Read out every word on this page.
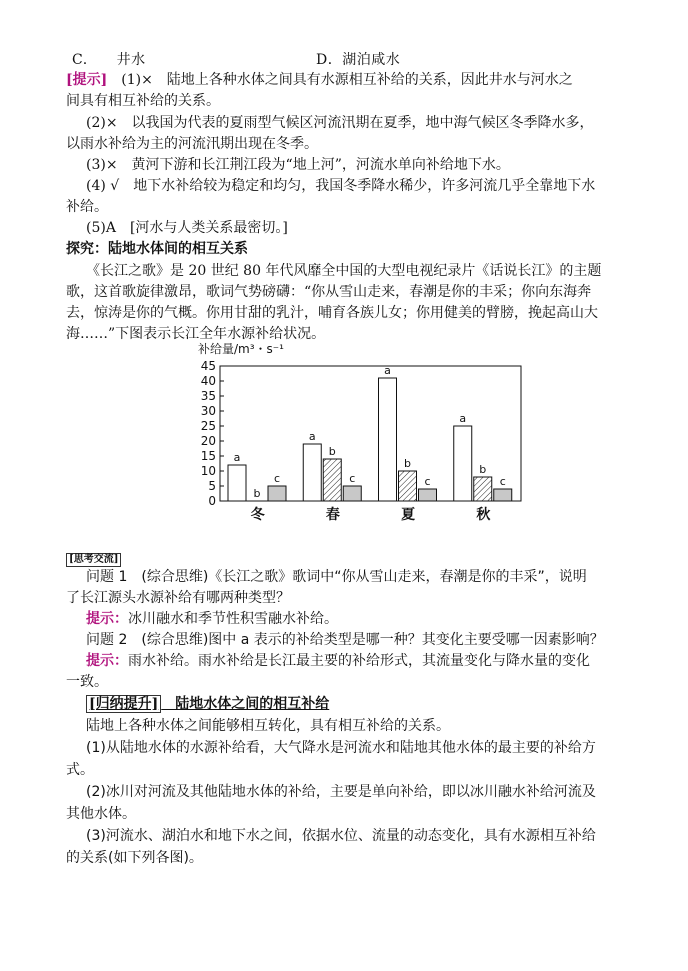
C.　　井水	D．湖泊咸水
[提示]　(1)×　陆地上各种水体之间具有水源相互补给的关系，因此井水与河水之
间具有相互补给的关系。
(2)×　以我国为代表的夏雨型气候区河流汛期在夏季，地中海气候区冬季降水多，
以雨水补给为主的河流汛期出现在冬季。
(3)×　黄河下游和长江荆江段为“地上河”，河流水单向补给地下水。
(4) √　地下水补给较为稳定和均匀，我国冬季降水稀少，许多河流几乎全靠地下水
补给。
(5)A　[河水与人类关系最密切。]
探究：陆地水体间的相互关系
《长江之歌》是 20 世纪 80 年代风靡全中国的大型电视纪录片《话说长江》的主题
歌，这首歌旋律激昂，歌词气势磅礴：“你从雪山走来，春潮是你的丰采；你向东海奔
去，惊涛是你的气概。你用甘甜的乳汁，哺育各族儿女；你用健美的臂膀，挽起高山大
海……”下图表示长江全年水源补给状况。
补给量/m³・s⁻¹
0
5
10
15
20
25
30
35
40
45
a
b
c
冬
a
b
c
春
a
b
c
夏
a
b
c
秋
[思考交流]
问题 1　(综合思维)《长江之歌》歌词中“你从雪山走来，春潮是你的丰采”，说明
了长江源头水源补给有哪两种类型？
提示：冰川融水和季节性积雪融水补给。
问题 2　(综合思维)图中 a 表示的补给类型是哪一种？其变化主要受哪一因素影响？
提示：雨水补给。雨水补给是长江最主要的补给形式，其流量变化与降水量的变化
一致。
[归纳提升]　陆地水体之间的相互补给
陆地上各种水体之间能够相互转化，具有相互补给的关系。
(1)从陆地水体的水源补给看，大气降水是河流水和陆地其他水体的最主要的补给方
式。
(2)冰川对河流及其他陆地水体的补给，主要是单向补给，即以冰川融水补给河流及
其他水体。
(3)河流水、湖泊水和地下水之间，依据水位、流量的动态变化，具有水源相互补给
的关系(如下列各图)。
